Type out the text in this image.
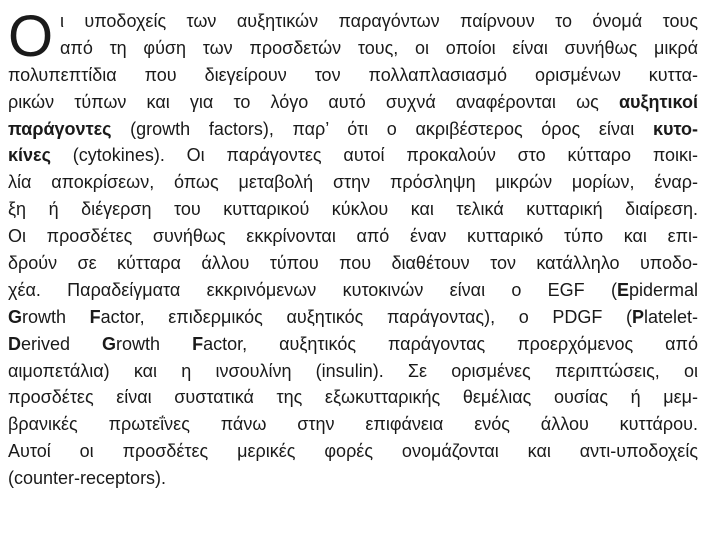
Ο ι υποδοχείς των αυξητικών παραγόντων παίρνουν το όνομά τους
από τη φύση των προσδετών τους, οι οποίοι είναι συνήθως μικρά
πολυπεπτίδια που διεγείρουν τον πολλαπλασιασμό ορισμένων κυττα-
ρικών τύπων και για το λόγο αυτό συχνά αναφέρονται ως αυξητικοί
παράγοντες (growth factors), παρ’ ότι ο ακριβέστερος όρος είναι κυτο-
κίνες (cytokines). Οι παράγοντες αυτοί προκαλούν στο κύτταρο ποικι-
λία αποκρίσεων, όπως μεταβολή στην πρόσληψη μικρών μορίων, έναρ-
ξη ή διέγερση του κυτταρικού κύκλου και τελικά κυτταρική διαίρεση.
Οι προσδέτες συνήθως εκκρίνονται από έναν κυτταρικό τύπο και επι-
δρούν σε κύτταρα άλλου τύπου που διαθέτουν τον κατάλληλο υποδο-
χέα. Παραδείγματα εκκρινόμενων κυτοκινών είναι ο EGF (Epidermal
Growth Factor, επιδερμικός αυξητικός παράγοντας), ο PDGF (Platelet-
Derived Growth Factor, αυξητικός παράγοντας προερχόμενος από
αιμοπετάλια) και η ινσουλίνη (insulin). Σε ορισμένες περιπτώσεις, οι
προσδέτες είναι συστατικά της εξωκυτταρικής θεμέλιας ουσίας ή μεμ-
βρανικές πρωτεΐνες πάνω στην επιφάνεια ενός άλλου κυττάρου.
Αυτοί οι προσδέτες μερικές φορές ονομάζονται και αντι-υποδοχείς
(counter-receptors).
